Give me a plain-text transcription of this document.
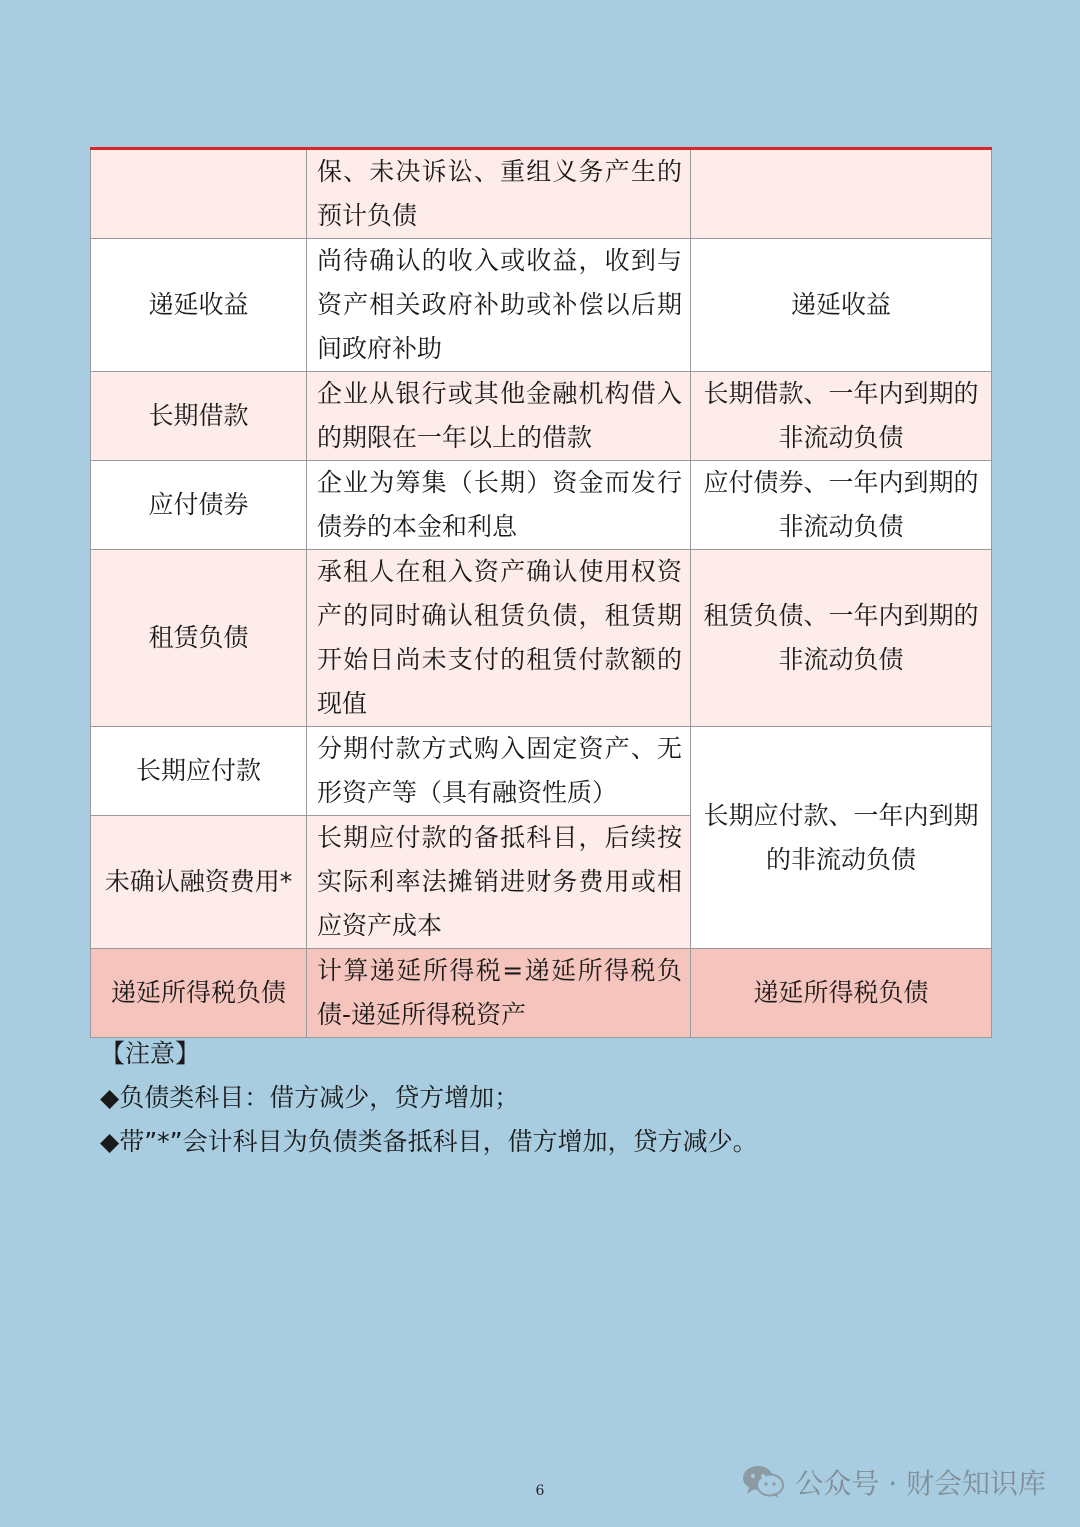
	保、未决诉讼、重组义务产生的预计负债	
递延收益	尚待确认的收入或收益，收到与资产相关政府补助或补偿以后期间政府补助	递延收益
长期借款	企业从银行或其他金融机构借入的期限在一年以上的借款	长期借款、一年内到期的非流动负债
应付债券	企业为筹集（长期）资金而发行债券的本金和利息	应付债券、一年内到期的非流动负债
租赁负债	承租人在租入资产确认使用权资产的同时确认租赁负债，租赁期开始日尚未支付的租赁付款额的现值	租赁负债、一年内到期的非流动负债
长期应付款	分期付款方式购入固定资产、无形资产等（具有融资性质）	长期应付款、一年内到期的非流动负债
未确认融资费用*	长期应付款的备抵科目，后续按实际利率法摊销进财务费用或相应资产成本	
递延所得税负债	计算递延所得税=递延所得税负债-递延所得税资产	递延所得税负债
【注意】
◆负债类科目：借方减少，贷方增加；
◆带”*”会计科目为负债类备抵科目，借方增加，贷方减少。
6	公众号 · 财会知识库
